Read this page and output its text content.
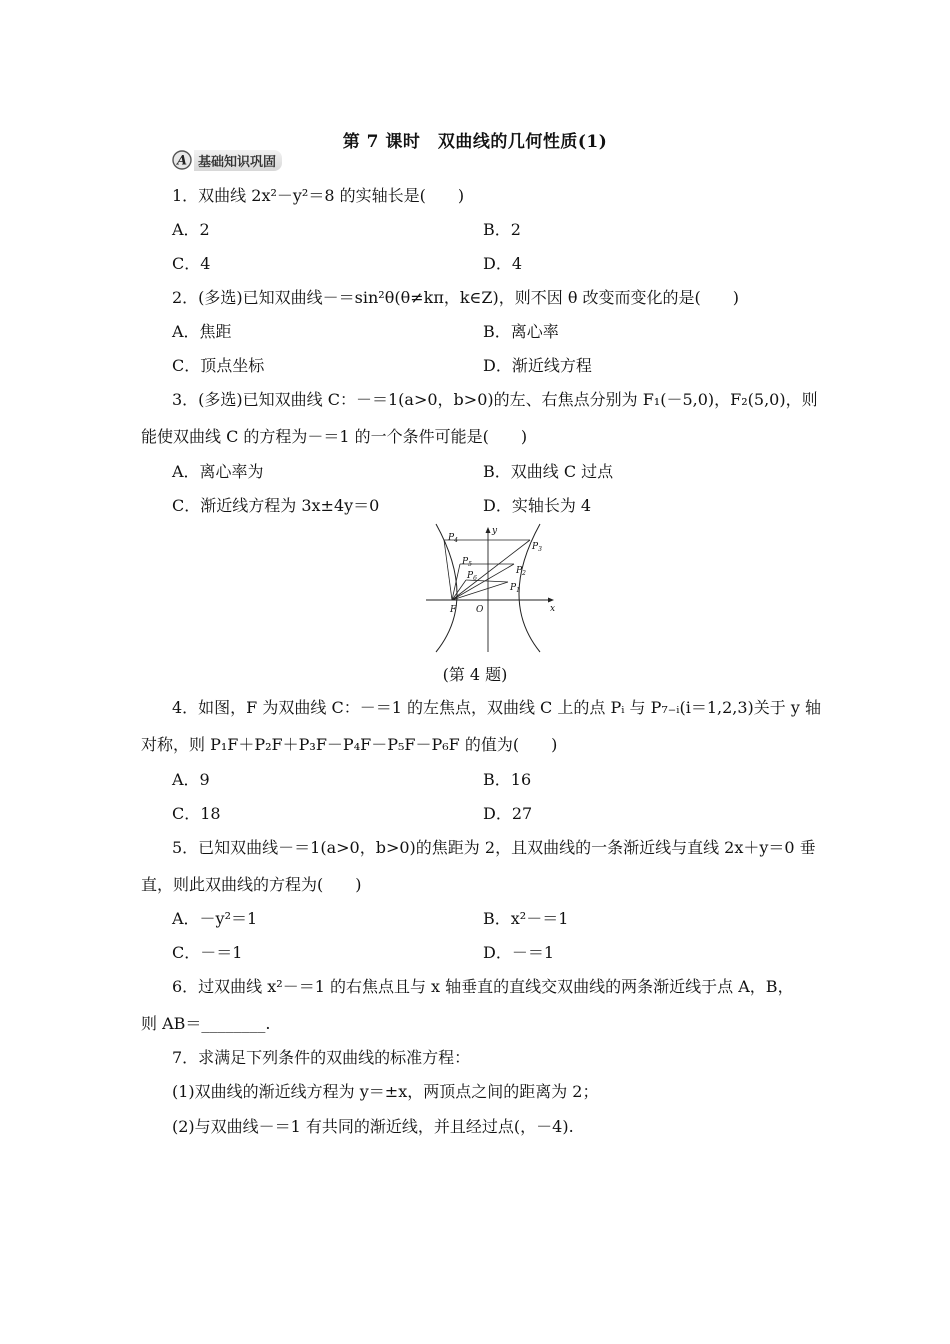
第 7 课时　双曲线的几何性质(1)
A 基础知识巩固
1．双曲线 2x²－y²＝8 的实轴长是(　　)
A．2	B．2
C．4	D．4
2．(多选)已知双曲线－＝sin²θ(θ≠kπ，k∈Z)，则不因 θ 改变而变化的是(　　)
A．焦距	B．离心率
C．顶点坐标	D．渐近线方程
3．(多选)已知双曲线 C：－＝1(a>0，b>0)的左、右焦点分别为 F₁(－5,0)，F₂(5,0)，则
能使双曲线 C 的方程为－＝1 的一个条件可能是(　　)
A．离心率为	B．双曲线 C 过点
C．渐近线方程为 3x±4y＝0	D．实轴长为 4
$P_4$
$P_5$
$P_6$
$P_3$
$P_2$
$P_1$
F O	x
y
(第 4 题)
4．如图，F 为双曲线 C：－＝1 的左焦点，双曲线 C 上的点 Pᵢ 与 P₇₋ᵢ(i＝1,2,3)关于 y 轴
对称，则 P₁F＋P₂F＋P₃F－P₄F－P₅F－P₆F 的值为(　　)
A．9	B．16
C．18	D．27
5．已知双曲线－＝1(a>0，b>0)的焦距为 2，且双曲线的一条渐近线与直线 2x＋y＝0 垂
直，则此双曲线的方程为(　　)
A．－y²＝1	B．x²－＝1
C．－＝1	D．－＝1
6．过双曲线 x²－＝1 的右焦点且与 x 轴垂直的直线交双曲线的两条渐近线于点 A，B，
则 AB＝________.
7．求满足下列条件的双曲线的标准方程：
(1)双曲线的渐近线方程为 y＝±x，两顶点之间的距离为 2；
(2)与双曲线－＝1 有共同的渐近线，并且经过点(，－4).
